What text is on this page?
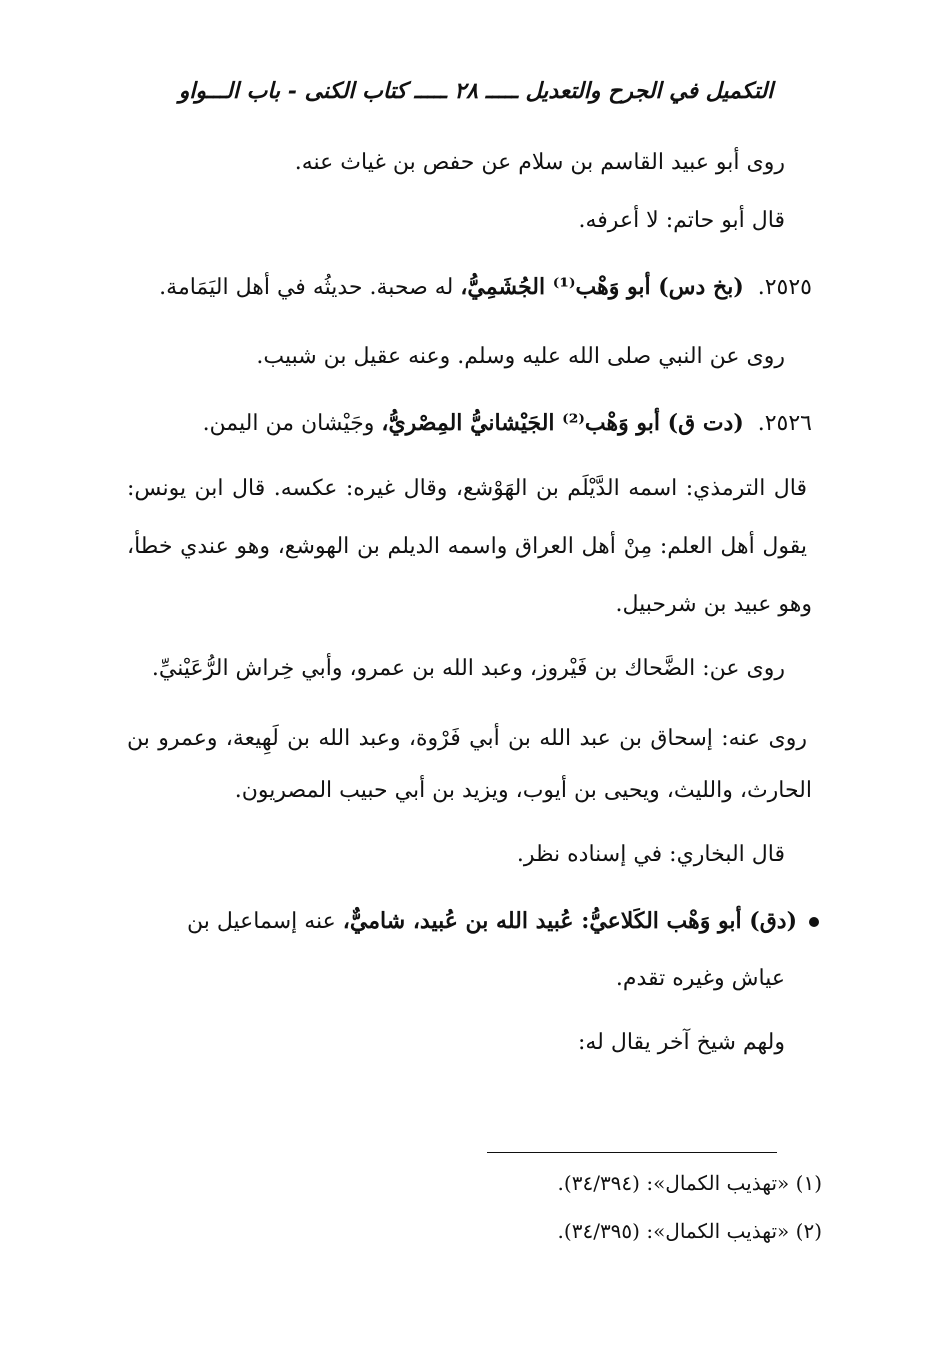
التكميل في الجرح والتعديل ـــــ ٢٨ ـــــ كتاب الكنى - باب الـــواو
روى أبو عبيد القاسم بن سلام عن حفص بن غياث عنه.
قال أبو حاتم: لا أعرفه.
٢٥٢٥.(بخ دس) أبو وَهْب⁽¹⁾ الجُشَمِيُّ، له صحبة. حديثُه في أهل اليَمَامة.
روى عن النبي صلى الله عليه وسلم. وعنه عقيل بن شبيب.
٢٥٢٦.(دت ق) أبو وَهْب⁽²⁾ الجَيْشانيُّ المِصْريُّ، وجَيْشان من اليمن.
قال الترمذي: اسمه الدَّيْلَم بن الهَوْشع، وقال غيره: عكسه. قال ابن يونس:
يقول أهل العلم: مِنْ أهل العراق واسمه الديلم بن الهوشع، وهو عندي خطأ،
وهو عبيد بن شرحبيل.
روى عن: الضَّحاك بن فَيْروز، وعبد الله بن عمرو، وأبي خِراش الرُّعَيْنيِّ.
روى عنه: إسحاق بن عبد الله بن أبي فَرْوة، وعبد الله بن لَهِيعة، وعمرو بن
الحارث، والليث، ويحيى بن أيوب، ويزيد بن أبي حبيب المصريون.
قال البخاري: في إسناده نظر.
(دق) أبو وَهْب الكَلاعيُّ: عُبيد الله بن عُبيد، شاميٌّ، عنه إسماعيل بن
عياش وغيره تقدم.
ولهم شيخ آخر يقال له:
(١) «تهذيب الكمال»: (٣٤/٣٩٤).
(٢) «تهذيب الكمال»: (٣٤/٣٩٥).
